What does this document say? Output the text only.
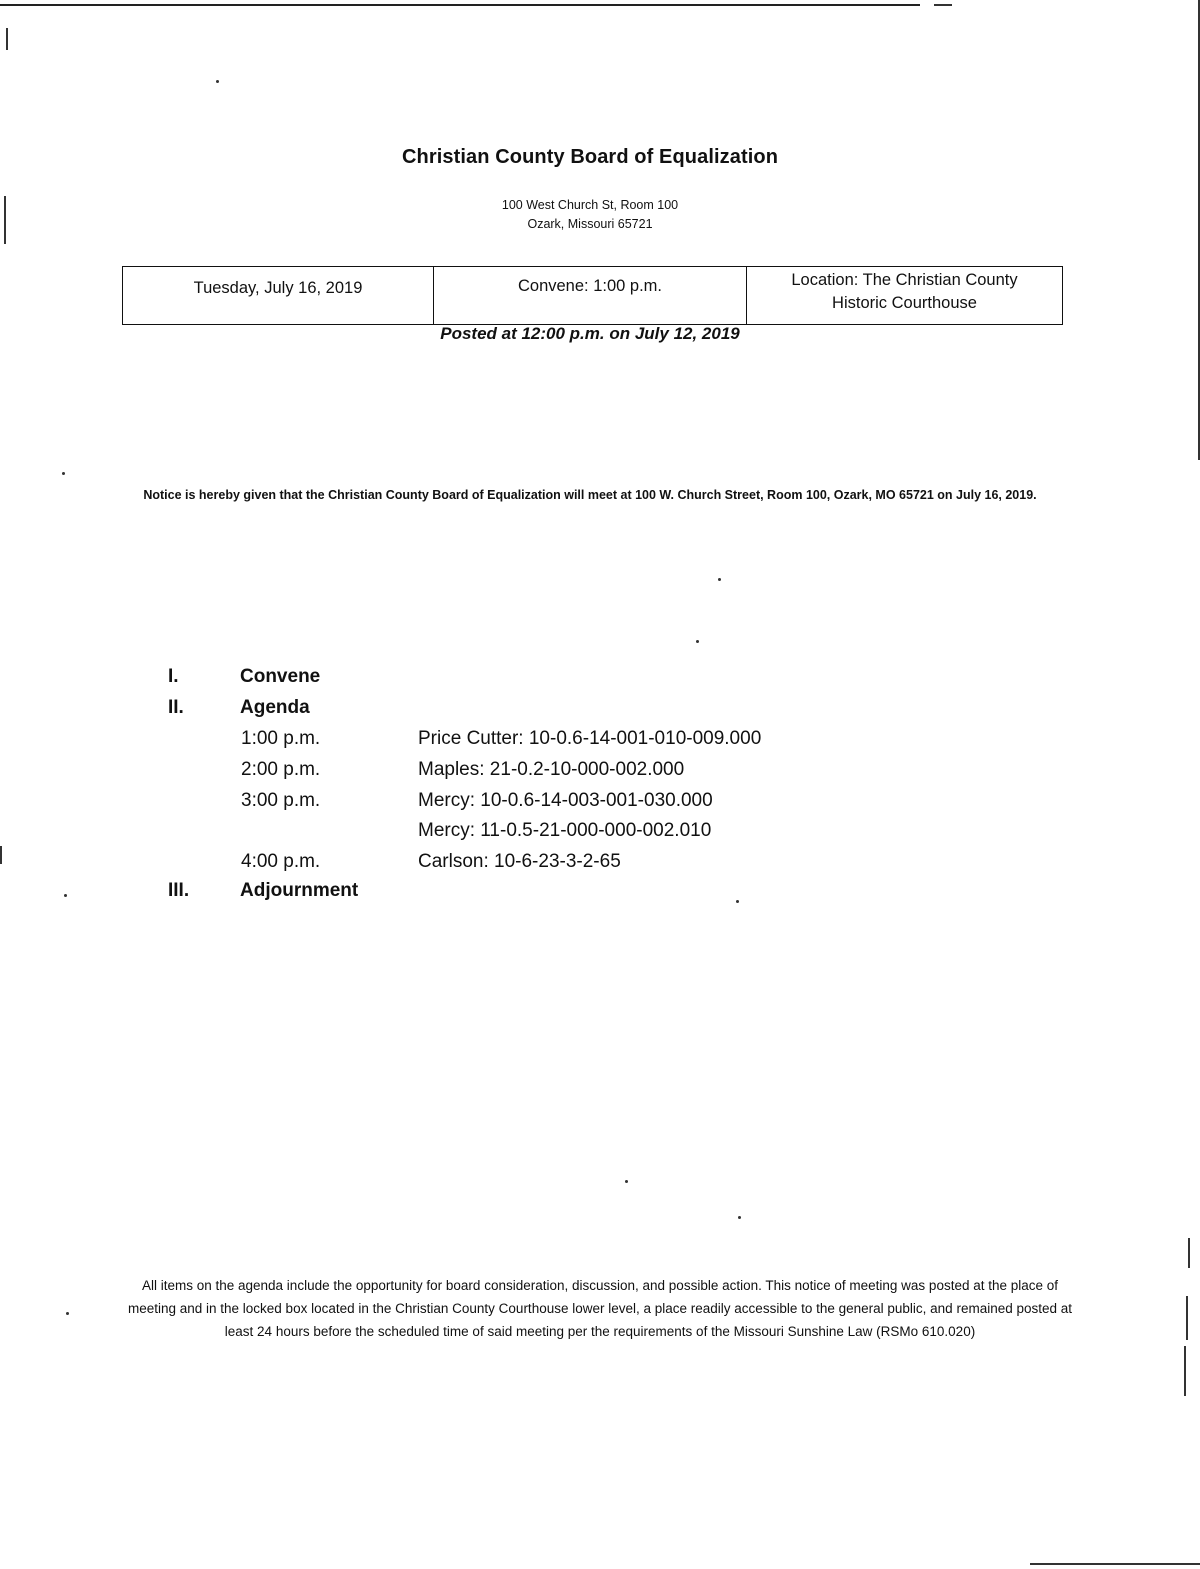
Christian County Board of Equalization
100 West Church St, Room 100
Ozark, Missouri 65721
Tuesday, July 16, 2019	Convene: 1:00 p.m.	Location: The Christian County
Historic Courthouse
Posted at 12:00 p.m. on July 12, 2019
Notice is hereby given that the Christian County Board of Equalization will meet at 100 W. Church Street, Room 100, Ozark, MO 65721 on July 16, 2019.
I.	Convene
II.	Agenda
1:00 p.m.	Price Cutter: 10-0.6-14-001-010-009.000
2:00 p.m.	Maples: 21-0.2-10-000-002.000
3:00 p.m.	Mercy: 10-0.6-14-003-001-030.000
Mercy: 11-0.5-21-000-000-002.010
4:00 p.m.	Carlson: 10-6-23-3-2-65
III.	Adjournment
All items on the agenda include the opportunity for board consideration, discussion, and possible action. This notice of meeting was posted at the place of meeting and in the locked box located in the Christian County Courthouse lower level, a place readily accessible to the general public, and remained posted at least 24 hours before the scheduled time of said meeting per the requirements of the Missouri Sunshine Law (RSMo 610.020)
